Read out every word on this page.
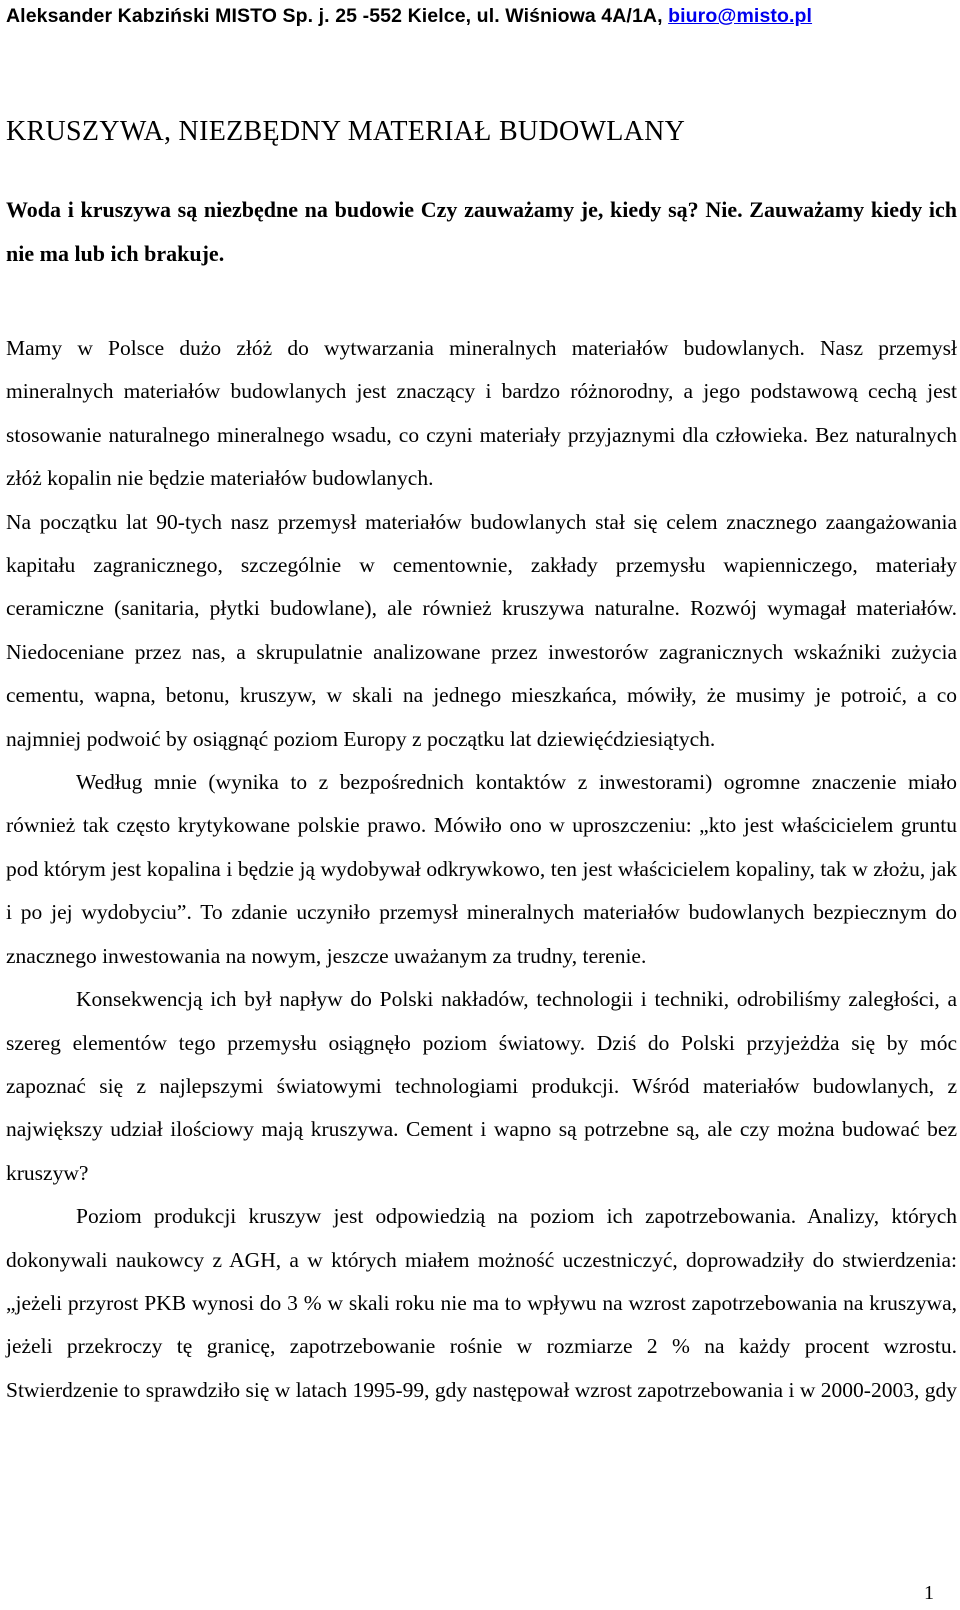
Aleksander Kabziński MISTO Sp. j. 25 -552 Kielce, ul. Wiśniowa 4A/1A, biuro@misto.pl
KRUSZYWA, NIEZBĘDNY MATERIAŁ BUDOWLANY

Woda i kruszywa są niezbędne na budowie Czy zauważamy je, kiedy są? Nie. Zauważamy kiedy ich nie ma lub ich brakuje.

Mamy w Polsce dużo złóż do wytwarzania mineralnych materiałów budowlanych. Nasz przemysł mineralnych materiałów budowlanych jest znaczący i bardzo różnorodny, a jego podstawową cechą jest stosowanie naturalnego mineralnego wsadu, co czyni materiały przyjaznymi dla człowieka. Bez naturalnych złóż kopalin nie będzie materiałów budowlanych.

Na początku lat 90-tych nasz przemysł materiałów budowlanych stał się celem znacznego zaangażowania kapitału zagranicznego, szczególnie w cementownie, zakłady przemysłu wapienniczego, materiały ceramiczne (sanitaria, płytki budowlane), ale również kruszywa naturalne. Rozwój wymagał materiałów. Niedoceniane przez nas, a skrupulatnie analizowane przez inwestorów zagranicznych wskaźniki zużycia cementu, wapna, betonu, kruszyw, w skali na jednego mieszkańca, mówiły, że musimy je potroić, a co najmniej podwoić by osiągnąć poziom Europy z początku lat dziewięćdziesiątych.

Według mnie (wynika to z bezpośrednich kontaktów z inwestorami) ogromne znaczenie miało również tak często krytykowane polskie prawo. Mówiło ono w uproszczeniu: „kto jest właścicielem gruntu pod którym jest kopalina i będzie ją wydobywał odkrywkowo, ten jest właścicielem kopaliny, tak w złożu, jak i po jej wydobyciu”. To zdanie uczyniło przemysł mineralnych materiałów budowlanych bezpiecznym do znacznego inwestowania na nowym, jeszcze uważanym za trudny, terenie.

Konsekwencją ich był napływ do Polski nakładów, technologii i techniki, odrobiliśmy zaległości, a szereg elementów tego przemysłu osiągnęło poziom światowy. Dziś do Polski przyjeżdża się by móc zapoznać się z najlepszymi światowymi technologiami produkcji. Wśród materiałów budowlanych, z największy udział ilościowy mają kruszywa. Cement i wapno są potrzebne są, ale czy można budować bez kruszyw?

Poziom produkcji kruszyw jest odpowiedzią na poziom ich zapotrzebowania. Analizy, których dokonywali naukowcy z AGH, a w których miałem możność uczestniczyć, doprowadziły do stwierdzenia: „jeżeli przyrost PKB wynosi do 3 % w skali roku nie ma to wpływu na wzrost zapotrzebowania na kruszywa, jeżeli przekroczy tę granicę, zapotrzebowanie rośnie w rozmiarze 2 % na każdy procent wzrostu. Stwierdzenie to sprawdziło się w latach 1995-99, gdy następował wzrost zapotrzebowania i w 2000-2003, gdy

1
